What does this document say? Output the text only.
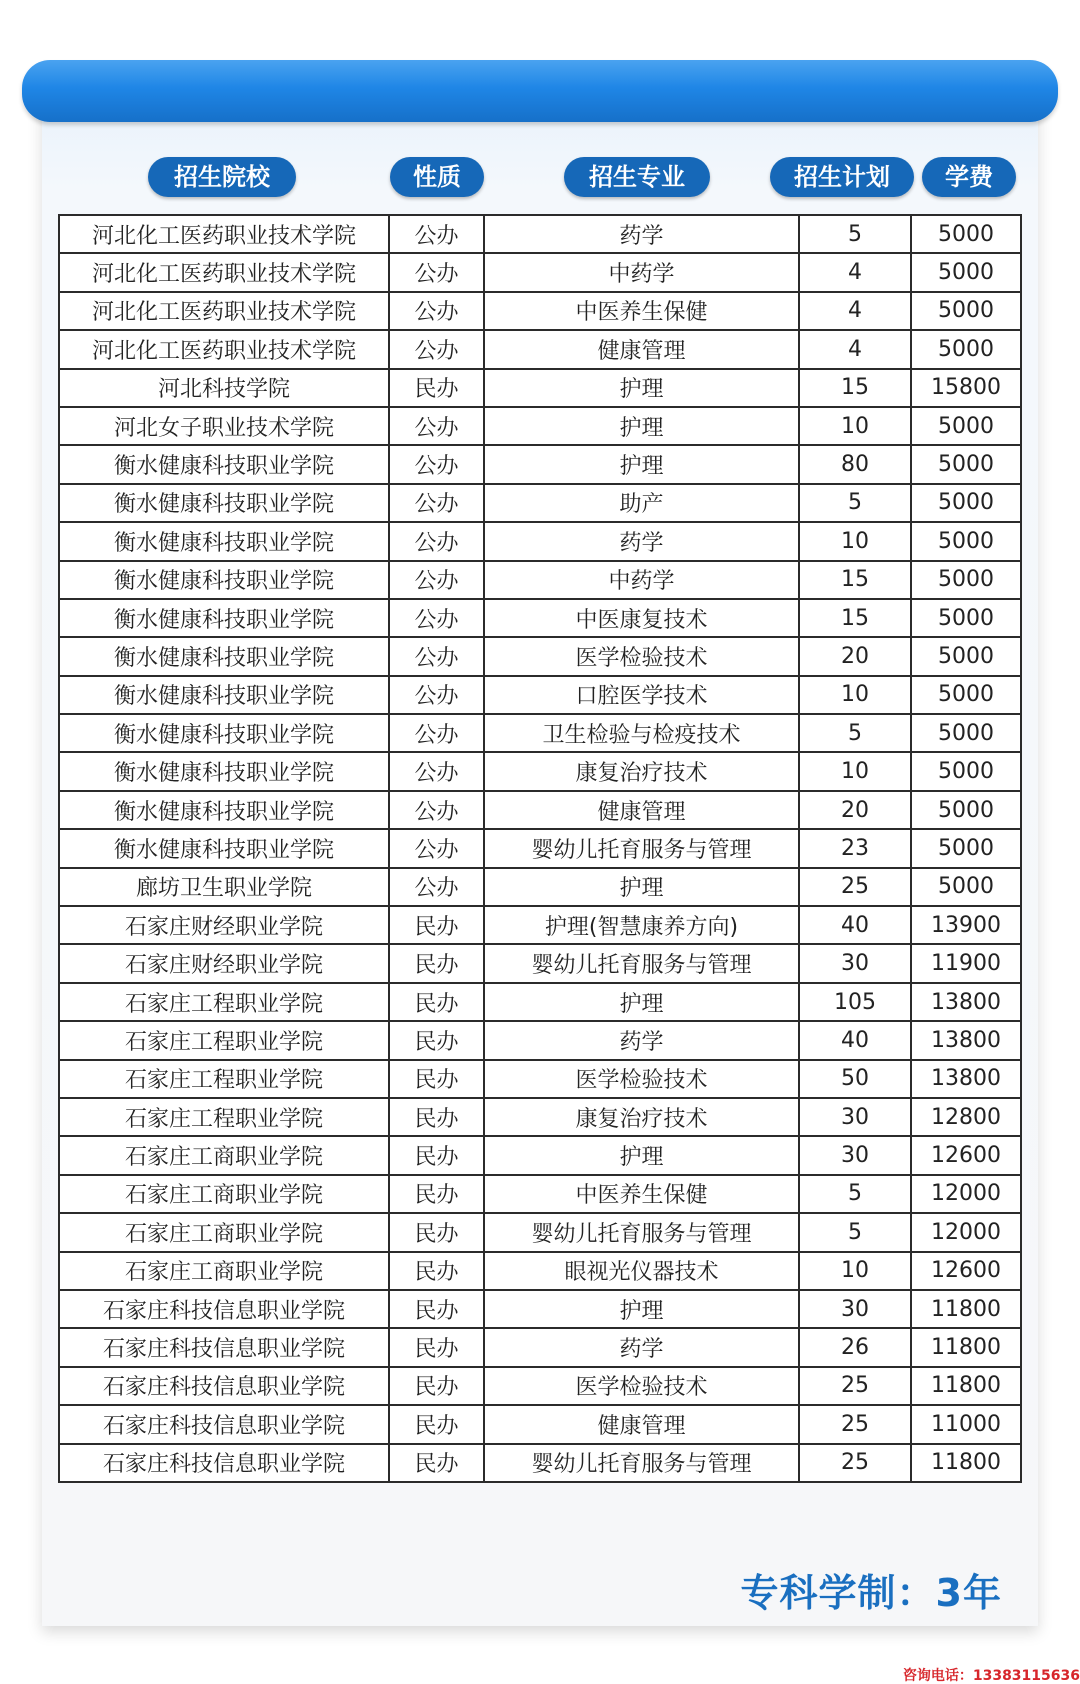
招生院校	性质	招生专业	招生计划	学费
河北化工医药职业技术学院	公办	药学	5	5000
河北化工医药职业技术学院	公办	中药学	4	5000
河北化工医药职业技术学院	公办	中医养生保健	4	5000
河北化工医药职业技术学院	公办	健康管理	4	5000
河北科技学院	民办	护理	15	15800
河北女子职业技术学院	公办	护理	10	5000
衡水健康科技职业学院	公办	护理	80	5000
衡水健康科技职业学院	公办	助产	5	5000
衡水健康科技职业学院	公办	药学	10	5000
衡水健康科技职业学院	公办	中药学	15	5000
衡水健康科技职业学院	公办	中医康复技术	15	5000
衡水健康科技职业学院	公办	医学检验技术	20	5000
衡水健康科技职业学院	公办	口腔医学技术	10	5000
衡水健康科技职业学院	公办	卫生检验与检疫技术	5	5000
衡水健康科技职业学院	公办	康复治疗技术	10	5000
衡水健康科技职业学院	公办	健康管理	20	5000
衡水健康科技职业学院	公办	婴幼儿托育服务与管理	23	5000
廊坊卫生职业学院	公办	护理	25	5000
石家庄财经职业学院	民办	护理(智慧康养方向)	40	13900
石家庄财经职业学院	民办	婴幼儿托育服务与管理	30	11900
石家庄工程职业学院	民办	护理	105	13800
石家庄工程职业学院	民办	药学	40	13800
石家庄工程职业学院	民办	医学检验技术	50	13800
石家庄工程职业学院	民办	康复治疗技术	30	12800
石家庄工商职业学院	民办	护理	30	12600
石家庄工商职业学院	民办	中医养生保健	5	12000
石家庄工商职业学院	民办	婴幼儿托育服务与管理	5	12000
石家庄工商职业学院	民办	眼视光仪器技术	10	12600
石家庄科技信息职业学院	民办	护理	30	11800
石家庄科技信息职业学院	民办	药学	26	11800
石家庄科技信息职业学院	民办	医学检验技术	25	11800
石家庄科技信息职业学院	民办	健康管理	25	11000
石家庄科技信息职业学院	民办	婴幼儿托育服务与管理	25	11800
专科学制：3年
咨询电话：13383115636
